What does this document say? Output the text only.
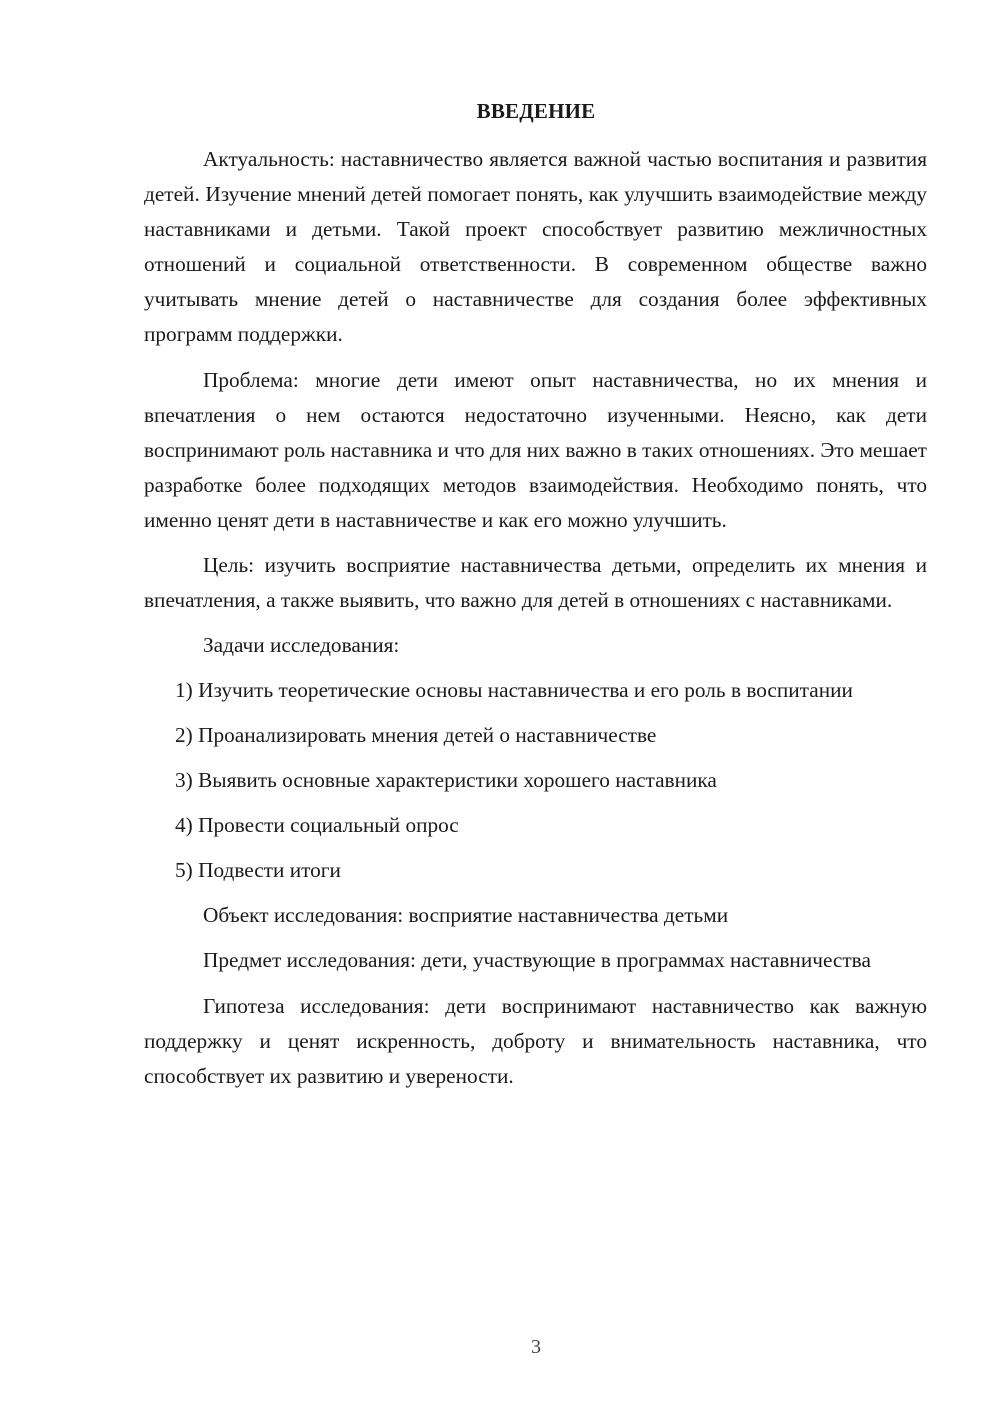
ВВЕДЕНИЕ

Актуальность: наставничество является важной частью воспитания и развития детей. Изучение мнений детей помогает понять, как улучшить взаимодействие между наставниками и детьми. Такой проект способствует развитию межличностных отношений и социальной ответственности. В современном обществе важно учитывать мнение детей о наставничестве для создания более эффективных программ поддержки.

Проблема: многие дети имеют опыт наставничества, но их мнения и впечатления о нем остаются недостаточно изученными. Неясно, как дети воспринимают роль наставника и что для них важно в таких отношениях. Это мешает разработке более подходящих методов взаимодействия. Необходимо понять, что именно ценят дети в наставничестве и как его можно улучшить.

Цель: изучить восприятие наставничества детьми, определить их мнения и впечатления, а также выявить, что важно для детей в отношениях с наставниками.

Задачи исследования:

1) Изучить теоретические основы наставничества и его роль в воспитании

2) Проанализировать мнения детей о наставничестве

3) Выявить основные характеристики хорошего наставника

4) Провести социальный опрос

5) Подвести итоги

Объект исследования: восприятие наставничества детьми

Предмет исследования: дети, участвующие в программах наставничества

Гипотеза исследования: дети воспринимают наставничество как важную поддержку и ценят искренность, доброту и внимательность наставника, что способствует их развитию и уверености.

3
